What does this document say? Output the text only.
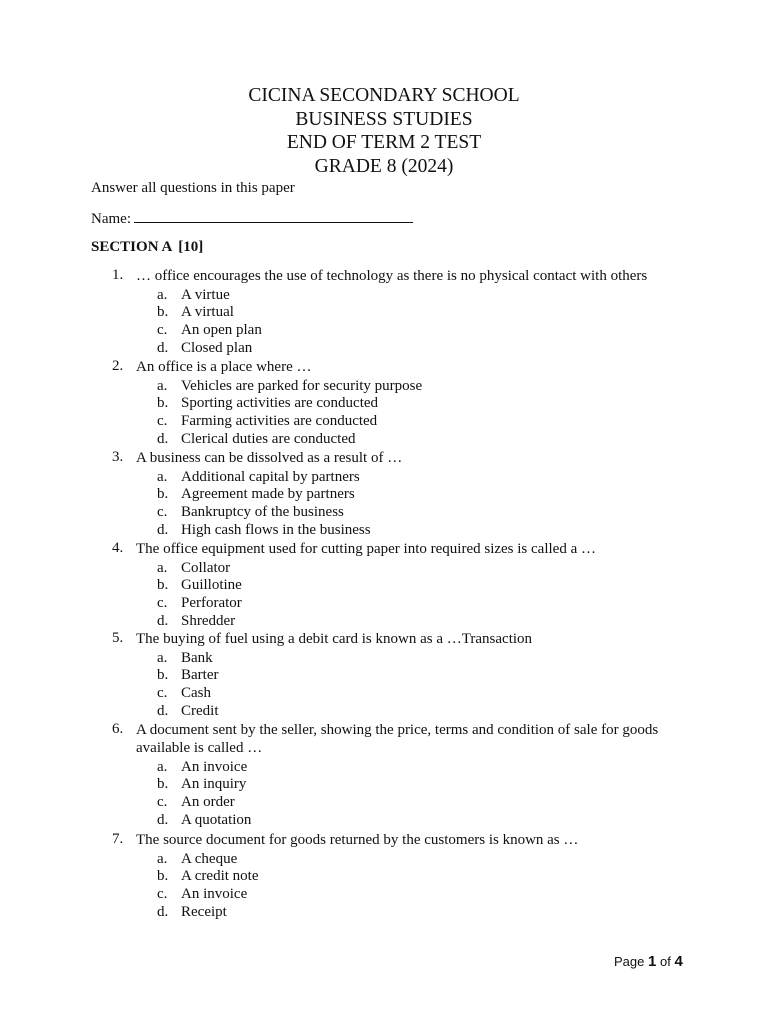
CICINA SECONDARY SCHOOL
BUSINESS STUDIES
END OF TERM 2 TEST
GRADE 8 (2024)
Answer all questions in this paper
Name:
SECTION A [10]
1. … office encourages the use of technology as there is no physical contact with others
a. A virtue
b. A virtual
c. An open plan
d. Closed plan
2. An office is a place where …
a. Vehicles are parked for security purpose
b. Sporting activities are conducted
c. Farming activities are conducted
d. Clerical duties are conducted
3. A business can be dissolved as a result of …
a. Additional capital by partners
b. Agreement made by partners
c. Bankruptcy of the business
d. High cash flows in the business
4. The office equipment used for cutting paper into required sizes is called a …
a. Collator
b. Guillotine
c. Perforator
d. Shredder
5. The buying of fuel using a debit card is known as a …Transaction
a. Bank
b. Barter
c. Cash
d. Credit
6. A document sent by the seller, showing the price, terms and condition of sale for goods available is called …
a. An invoice
b. An inquiry
c. An order
d. A quotation
7. The source document for goods returned by the customers is known as …
a. A cheque
b. A credit note
c. An invoice
d. Receipt
Page 1 of 4
